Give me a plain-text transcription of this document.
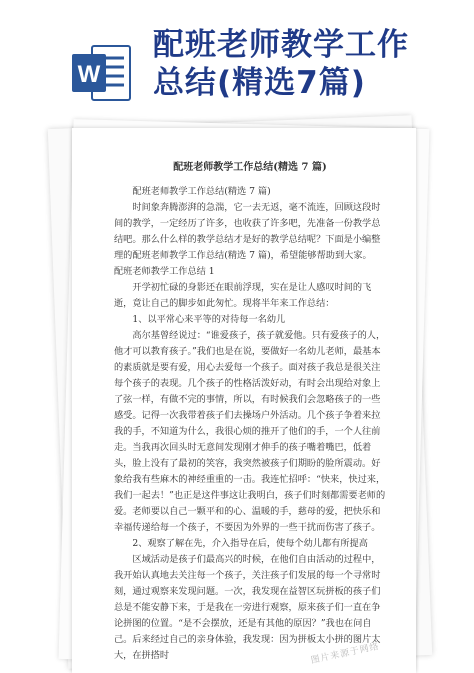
W
配班老师教学工作
总结(精选7篇)
配班老师教学工作总结(精选 7 篇)

配班老师教学工作总结(精选 7 篇)

时间象奔腾澎湃的急湍，它一去无返，毫不流连，回顾这段时间的教学，一定经历了许多，也收获了许多吧，先准备一份教学总结吧。那么什么样的教学总结才是好的教学总结呢？下面是小编整理的配班老师教学工作总结(精选 7 篇)，希望能够帮助到大家。

配班老师教学工作总结 1

开学初忙碌的身影还在眼前浮现，实在是让人感叹时间的飞逝，竟让自己的脚步如此匆忙。现将半年来工作总结：

1、以平常心来平等的对待每一名幼儿

高尔基曾经说过：“谁爱孩子，孩子就爱他。只有爱孩子的人，他才可以教育孩子。”我们也是在说，要做好一名幼儿老师，最基本的素质就是要有爱，用心去爱每一个孩子。面对孩子我总是很关注每个孩子的表现。几个孩子的性格活泼好动，有时会出现给对象上了弦一样，有做不完的事情，所以，有时候我们会忽略孩子的一些感受。记得一次我带着孩子们去操场户外活动。几个孩子争着来拉我的手，不知道为什么，我很心烦的推开了他们的手，一个人往前走。当我再次回头时无意间发现刚才伸手的孩子嘴着嘴巴，低着头，脸上没有了最初的笑容，我突然被孩子们期盼的脸所震动。好象给我有些麻木的神经重重的一击。我连忙招呼：“快来，快过来，我们一起去！”也正是这件事这让我明白，孩子们时刻都需要老师的爱。老师要以自己一颗平和的心、温暖的手，慈母的爱，把快乐和幸福传递给每一个孩子，不要因为外界的一些干扰而伤害了孩子。

2、观察了解在先，介入指导在后，使每个幼儿都有所提高

区域活动是孩子们最高兴的时候，在他们自由活动的过程中，我开始认真地去关注每一个孩子，关注孩子们发展的每一个寻常时刻，通过观察来发现问题。一次，我发现在益智区玩拼板的孩子们总是不能安静下来，于是我在一旁进行观察，原来孩子们一直在争论拼图的位置。“是不会摆放，还是有其他的原因？”我也在问自己。后来经过自己的亲身体验，我发现：因为拼板太小拼的图片太大，在拼搭时	图片来源于网络
